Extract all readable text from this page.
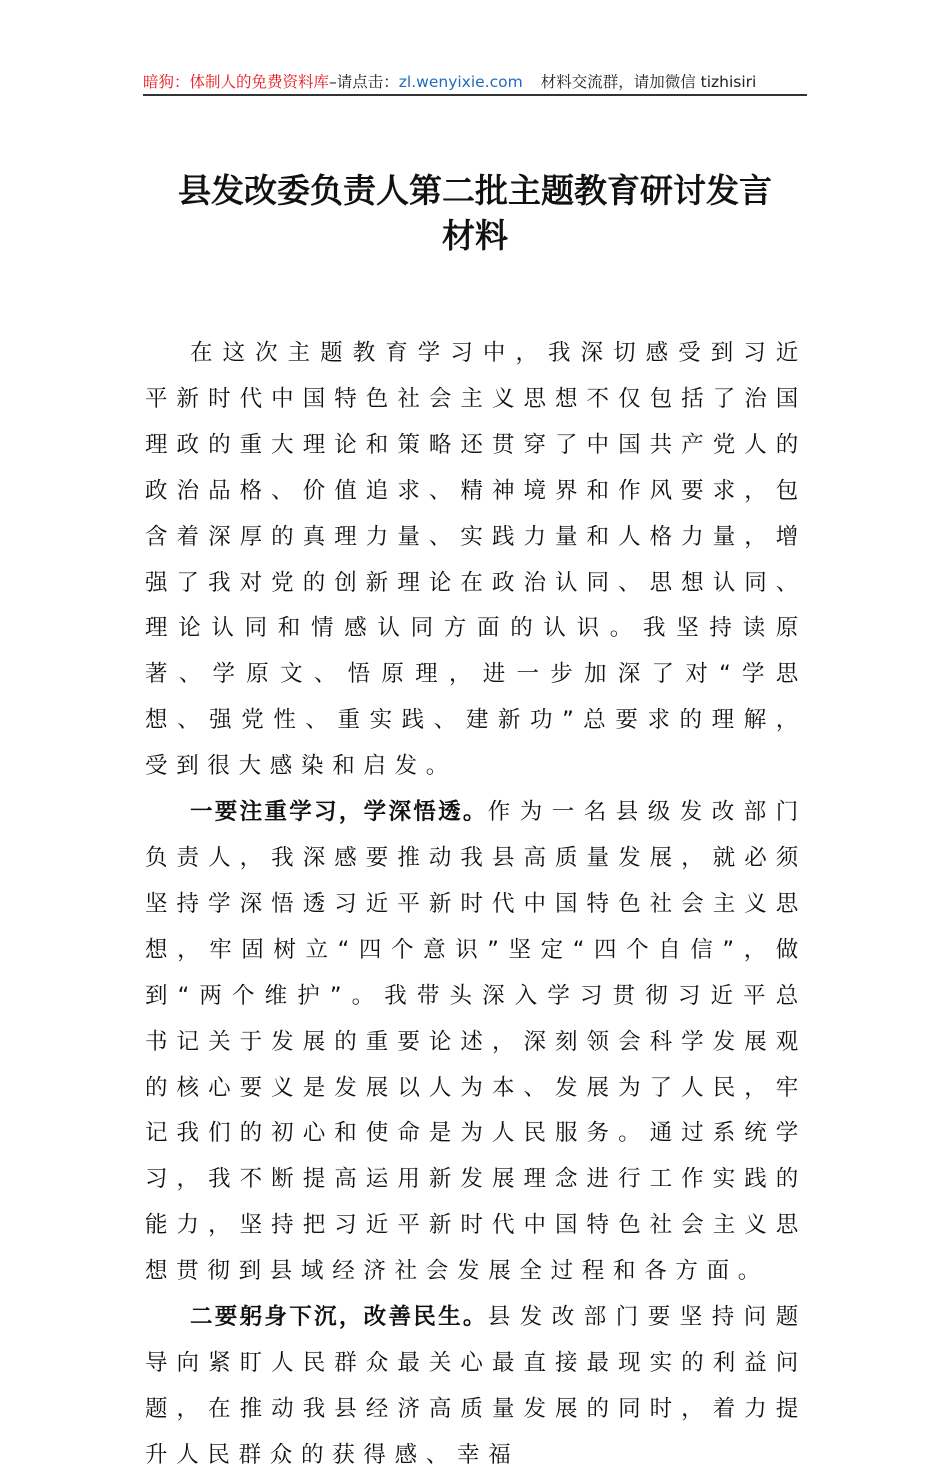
暗狗：体制人的免费资料库 –请点击： zl.wenyixie.com 材料交流群，请加微信 tizhisiri
县发改委负责人第二批主题教育研讨发言
材料

在这次主题教育学习中，我深切感受到习近平新时代中国特色社会主义思想不仅包括了治国理政的重大理论和策略还贯穿了中国共产党人的政治品格、价值追求、精神境界和作风要求，包含着深厚的真理力量、实践力量和人格力量，增强了我对党的创新理论在政治认同、思想认同、理论认同和情感认同方面的认识。我坚持读原著、学原文、悟原理，进一步加深了对“学思想、强党性、重实践、建新功”总要求的理解，受到很大感染和启发。

一要注重学习，学深悟透。作为一名县级发改部门负责人，我深感要推动我县高质量发展，就必须坚持学深悟透习近平新时代中国特色社会主义思想，牢固树立“四个意识”坚定“四个自信”，做到“两个维护”。我带头深入学习贯彻习近平总书记关于发展的重要论述，深刻领会科学发展观的核心要义是发展以人为本、发展为了人民，牢记我们的初心和使命是为人民服务。通过系统学习，我不断提高运用新发展理念进行工作实践的能力，坚持把习近平新时代中国特色社会主义思想贯彻到县域经济社会发展全过程和各方面。

二要躬身下沉，改善民生。县发改部门要坚持问题导向紧盯人民群众最关心最直接最现实的利益问题，在推动我县经济高质量发展的同时，着力提升人民群众的获得感、幸福
